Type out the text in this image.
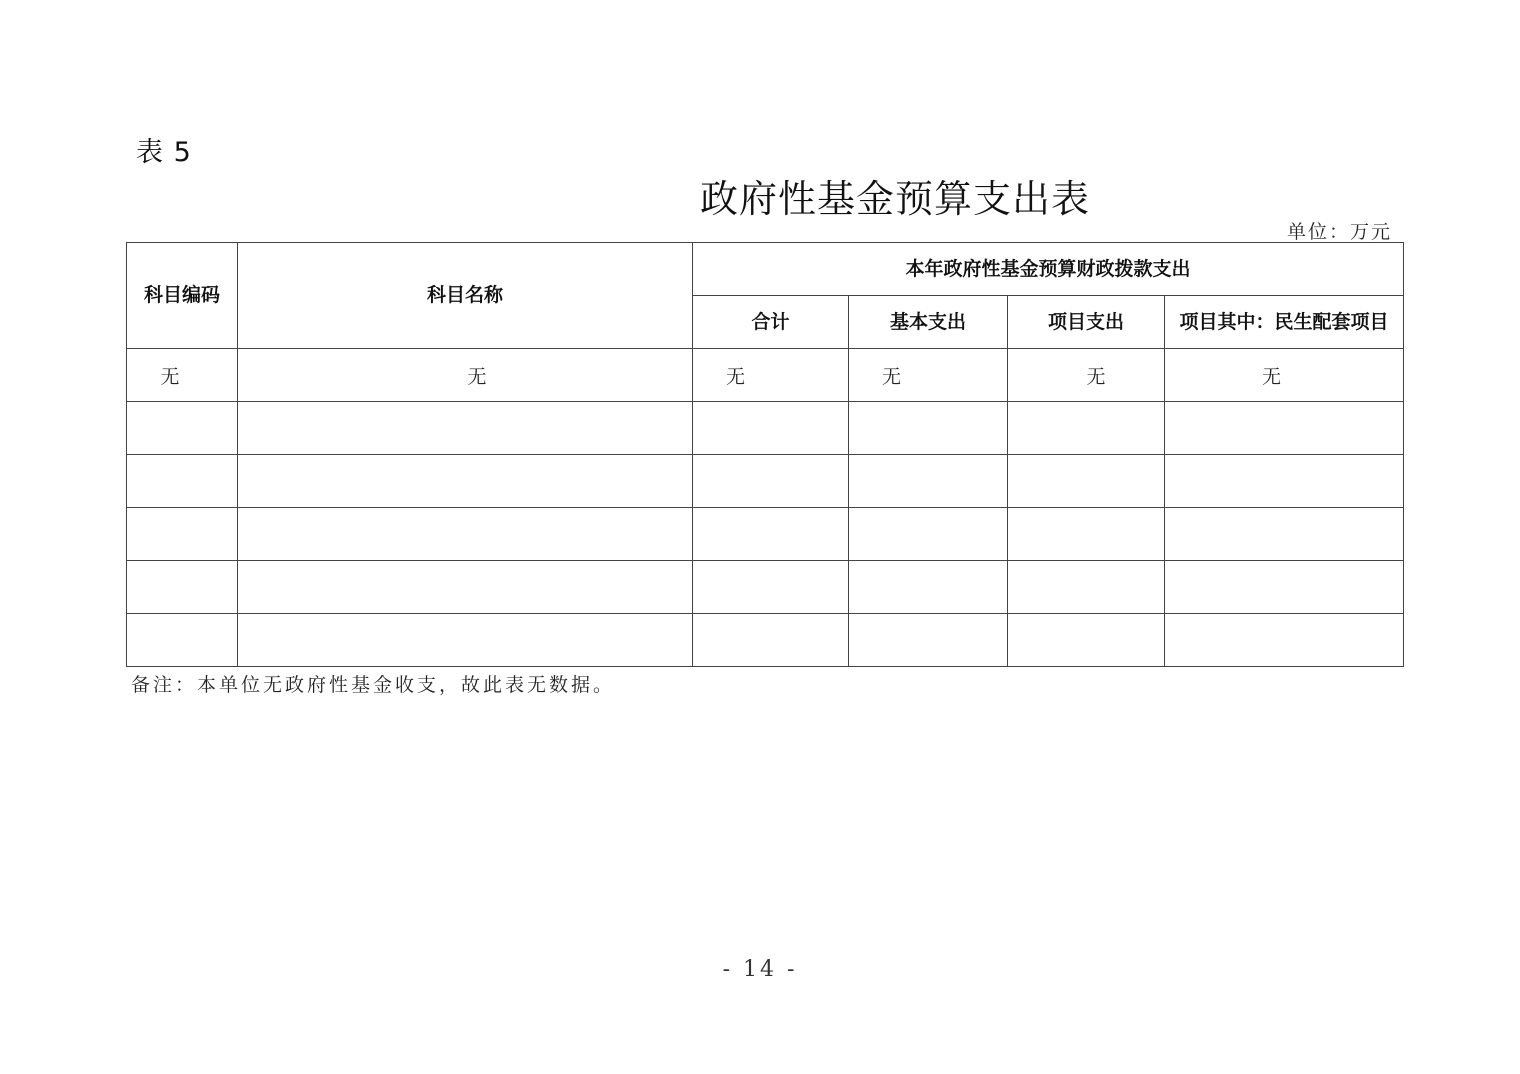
表 5
政府性基金预算支出表
单位：万元
科目编码	科目名称	本年政府性基金预算财政拨款支出			
		合计	基本支出	项目支出	项目其中：民生配套项目
无	无	无	无	无	无

备注：本单位无政府性基金收支，故此表无数据。
- 14 -
